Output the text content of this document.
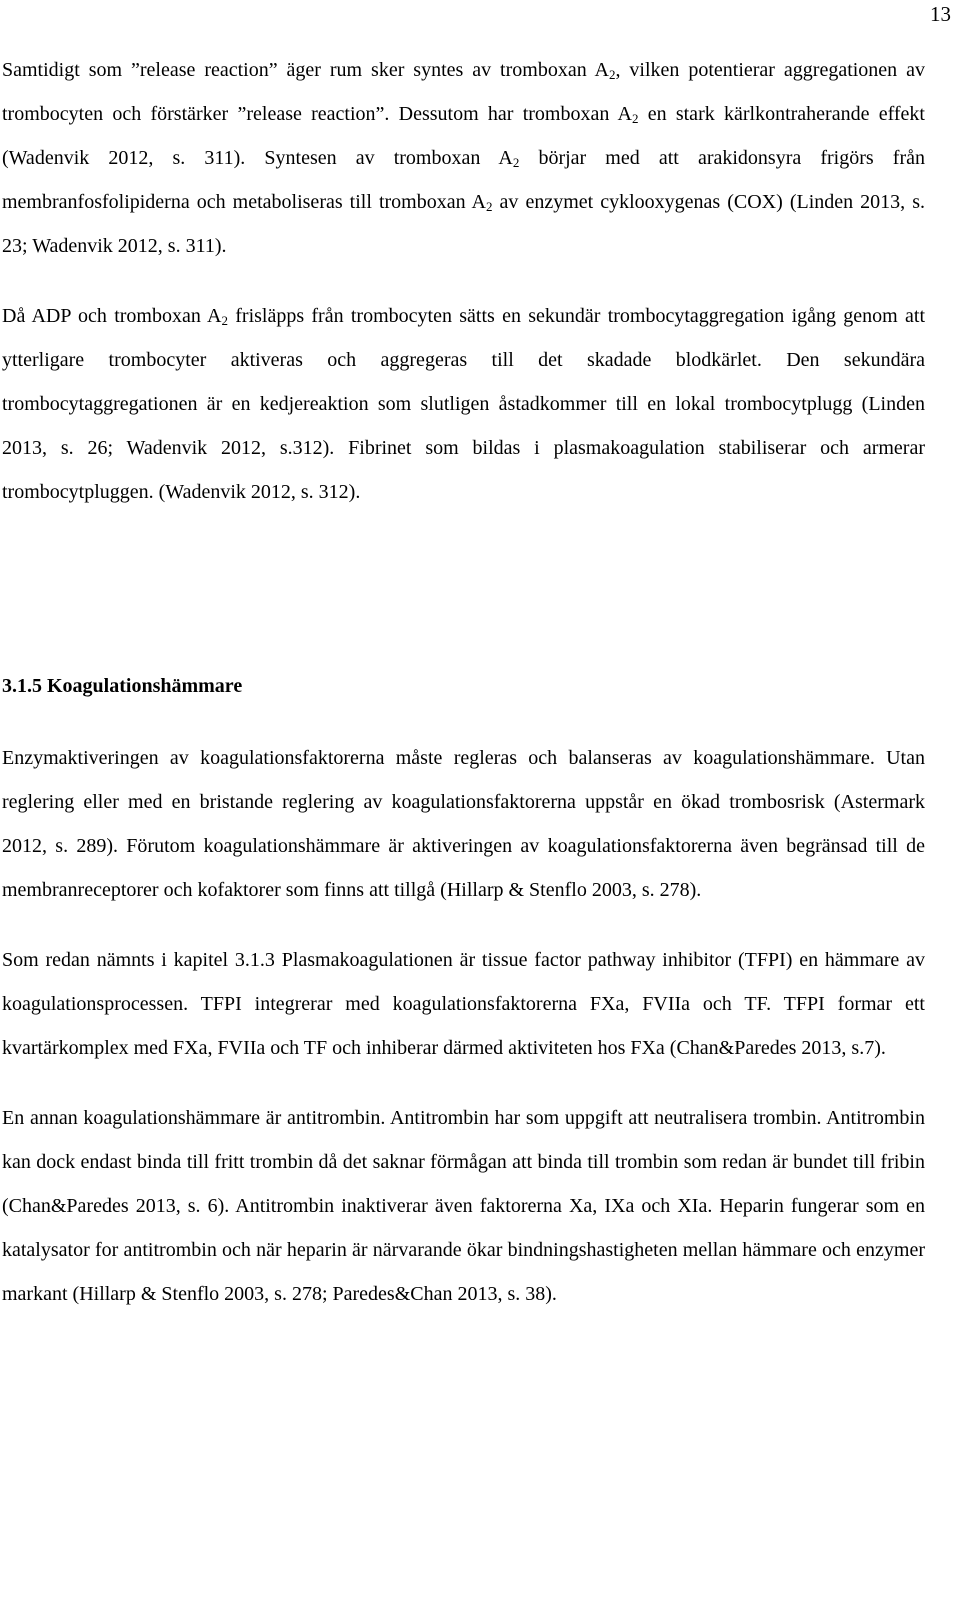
13

Samtidigt som ”release reaction” äger rum sker syntes av tromboxan $A_2$, vilken potentierar aggregationen av trombocyten och förstärker ”release reaction”. Dessutom har tromboxan $A_2$ en stark kärlkontraherande effekt (Wadenvik 2012, s. 311). Syntesen av tromboxan $A_2$ börjar med att arakidonsyra frigörs från membranfosfolipiderna och metaboliseras till tromboxan $A_2$ av enzymet cyklooxygenas (COX) (Linden 2013, s. 23; Wadenvik 2012, s. 311).

Då ADP och tromboxan $A_2$ frisläpps från trombocyten sätts en sekundär trombocytaggregation igång genom att ytterligare trombocyter aktiveras och aggregeras till det skadade blodkärlet. Den sekundära trombocytaggregationen är en kedjereaktion som slutligen åstadkommer till en lokal trombocytplugg (Linden 2013, s. 26; Wadenvik 2012, s.312). Fibrinet som bildas i plasmakoagulation stabiliserar och armerar trombocytpluggen. (Wadenvik 2012, s. 312).

3.1.5 Koagulationshämmare

Enzymaktiveringen av koagulationsfaktorerna måste regleras och balanseras av koagulationshämmare. Utan reglering eller med en bristande reglering av koagulationsfaktorerna uppstår en ökad trombosrisk (Astermark 2012, s. 289). Förutom koagulationshämmare är aktiveringen av koagulationsfaktorerna även begränsad till de membranreceptorer och kofaktorer som finns att tillgå (Hillarp & Stenflo 2003, s. 278).

Som redan nämnts i kapitel 3.1.3 Plasmakoagulationen är tissue factor pathway inhibitor (TFPI) en hämmare av koagulationsprocessen. TFPI integrerar med koagulationsfaktorerna FXa, FVIIa och TF. TFPI formar ett kvartärkomplex med FXa, FVIIa och TF och inhiberar därmed aktiviteten hos FXa (Chan&Paredes 2013, s.7).

En annan koagulationshämmare är antitrombin. Antitrombin har som uppgift att neutralisera trombin. Antitrombin kan dock endast binda till fritt trombin då det saknar förmågan att binda till trombin som redan är bundet till fribin (Chan&Paredes 2013, s. 6). Antitrombin inaktiverar även faktorerna Xa, IXa och XIa. Heparin fungerar som en katalysator for antitrombin och när heparin är närvarande ökar bindningshastigheten mellan hämmare och enzymer markant (Hillarp & Stenflo 2003, s. 278; Paredes&Chan 2013, s. 38).
